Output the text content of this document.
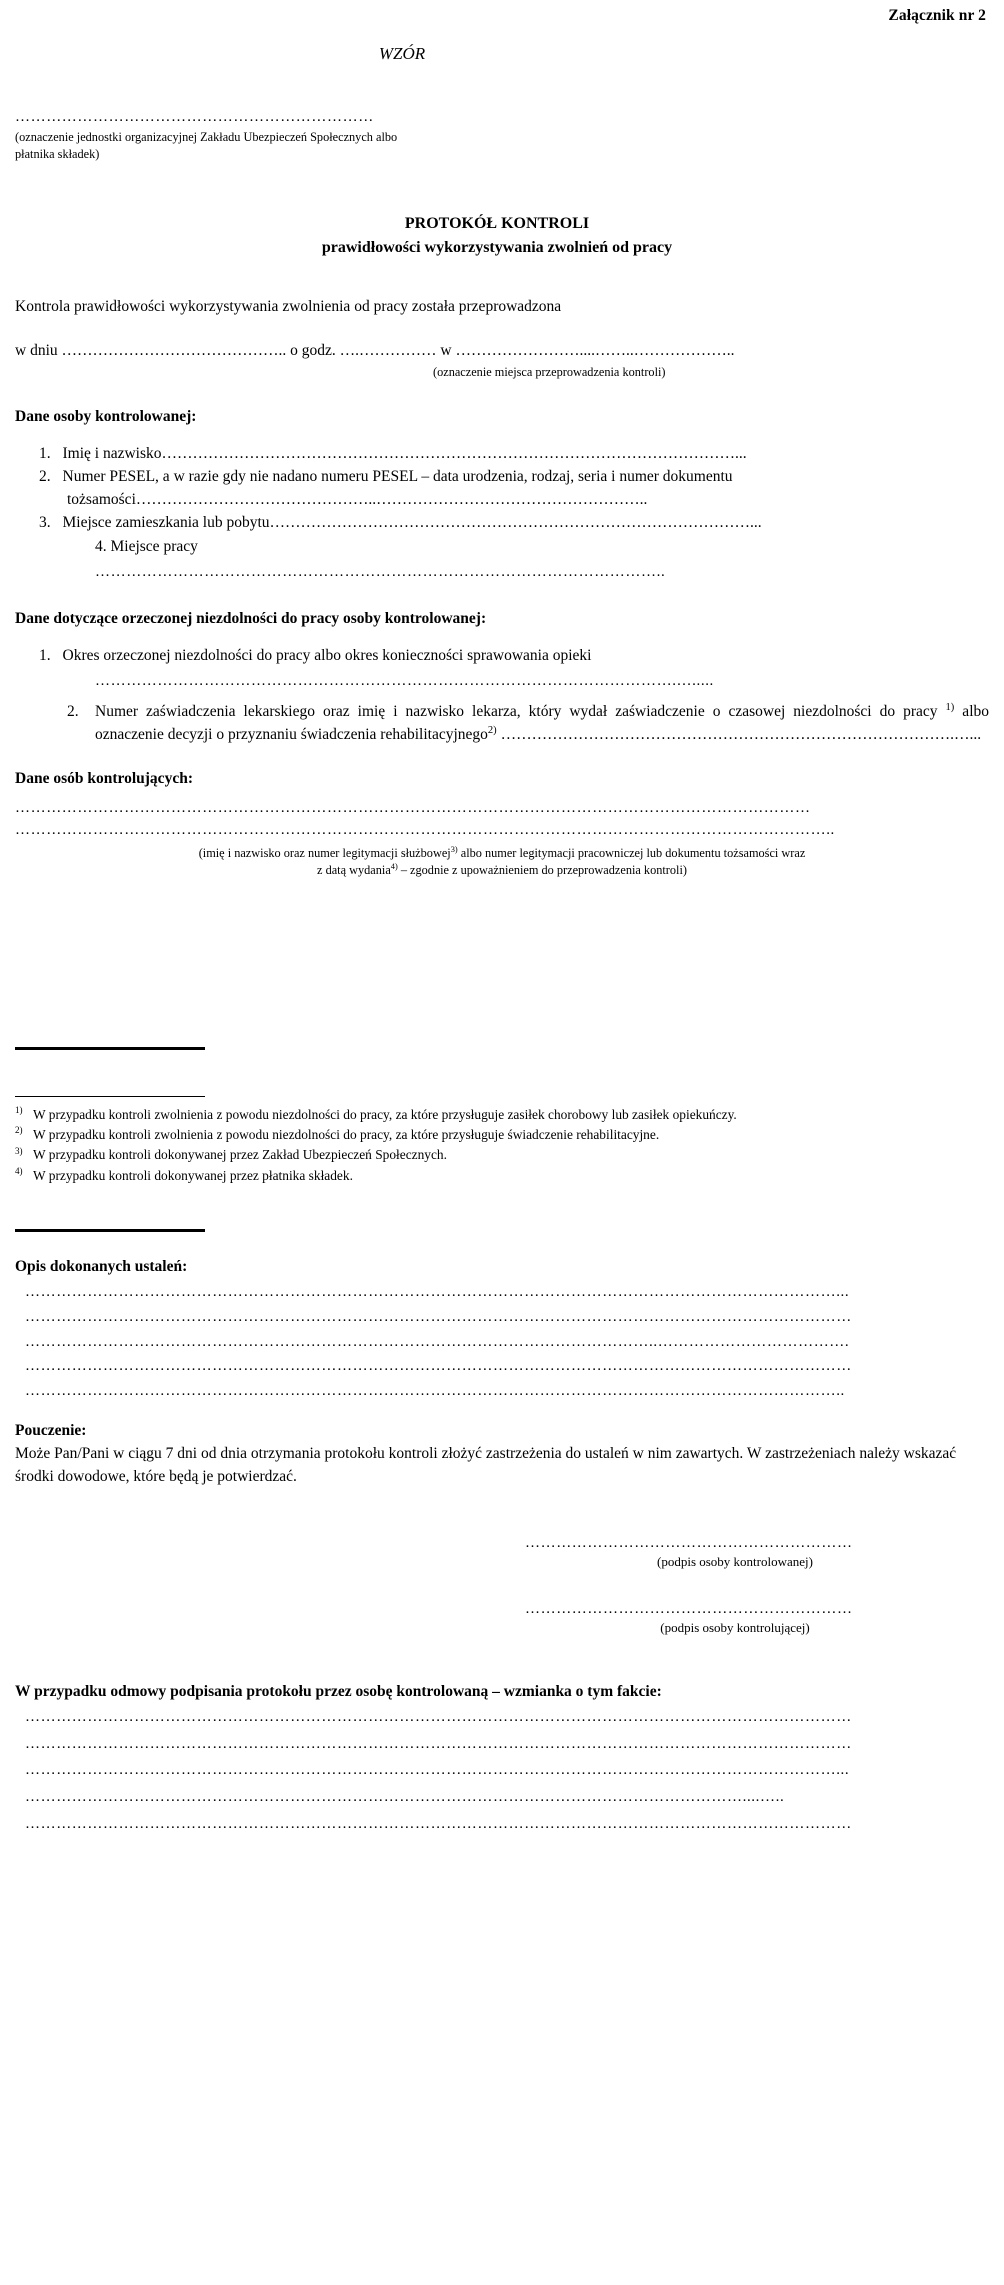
Załącznik nr 2
WZÓR
……………………………………………………………
(oznaczenie jednostki organizacyjnej Zakładu Ubezpieczeń Społecznych albo
płatnika składek)
PROTOKÓŁ KONTROLI
prawidłowości wykorzystywania zwolnień od pracy
Kontrola prawidłowości wykorzystywania zwolnienia od pracy została przeprowadzona
w dniu …………………………………….. o godz. ….…………… w ……………………....……..………………..
(oznaczenie miejsca przeprowadzenia kontroli)
Dane osoby kontrolowanej:
1. Imię i nazwisko…………………………………………………………………………………………………...
2. Numer PESEL, a w razie gdy nie nadano numeru PESEL – data urodzenia, rodzaj, seria i numer dokumentu tożsamości………………………………………..……………………………………………..
3. Miejsce zamieszkania lub pobytu…………………………………………………………………………………...
4. Miejsce pracy
………………………………………………………………………………………………..
Dane dotyczące orzeczonej niezdolności do pracy osoby kontrolowanej:
1. Okres orzeczonej niezdolności do pracy albo okres konieczności sprawowania opieki
………………………………………………………………………………………………….….....
2. Numer zaświadczenia lekarskiego oraz imię i nazwisko lekarza, który wydał zaświadczenie o czasowej niezdolności do pracy $^{1)}$ albo oznaczenie decyzji o przyznaniu świadczenia rehabilitacyjnego$^{2)}$ …………………………………………………………………………….…...
Dane osób kontrolujących:
………………………………………………………………………………………………………………………………………
…………………………………………………………………………………………………………………………………………..
(imię i nazwisko oraz numer legitymacji służbowej$^{3)}$ albo numer legitymacji pracowniczej lub dokumentu tożsamości wraz
z datą wydania$^{4)}$ – zgodnie z upoważnieniem do przeprowadzenia kontroli)
$^{1)}$ W przypadku kontroli zwolnienia z powodu niezdolności do pracy, za które przysługuje zasiłek chorobowy lub zasiłek opiekuńczy.
$^{2)}$ W przypadku kontroli zwolnienia z powodu niezdolności do pracy, za które przysługuje świadczenie rehabilitacyjne.
$^{3)}$ W przypadku kontroli dokonywanej przez Zakład Ubezpieczeń Społecznych.
$^{4)}$ W przypadku kontroli dokonywanej przez płatnika składek.
Opis dokonanych ustaleń:
…………………………………………………………………………………………………………………………………………...
……………………………………………………………………………………………………………………………………………
…………………………………………………………………………………………………………..……………………………….
……………………………………………………………………………………………………………………………………………
…………………………………………………………………………………………………………………………………………..
Pouczenie:
Może Pan/Pani w ciągu 7 dni od dnia otrzymania protokołu kontroli złożyć zastrzeżenia do ustaleń w nim zawartych. W zastrzeżeniach należy wskazać środki dowodowe, które będą je potwierdzać.
………………………………………………………
(podpis osoby kontrolowanej)
………………………………………………………
(podpis osoby kontrolującej)
W przypadku odmowy podpisania protokołu przez osobę kontrolowaną – wzmianka o tym fakcie:
……………………………………………………………………………………………………………………………………………
……………………………………………………………………………………………………………………………………………
…………………………………………………………………………………………………………………………………………...
…………………………………………………………………………………………………………………………....…..
……………………………………………………………………………………………………………………………………………
